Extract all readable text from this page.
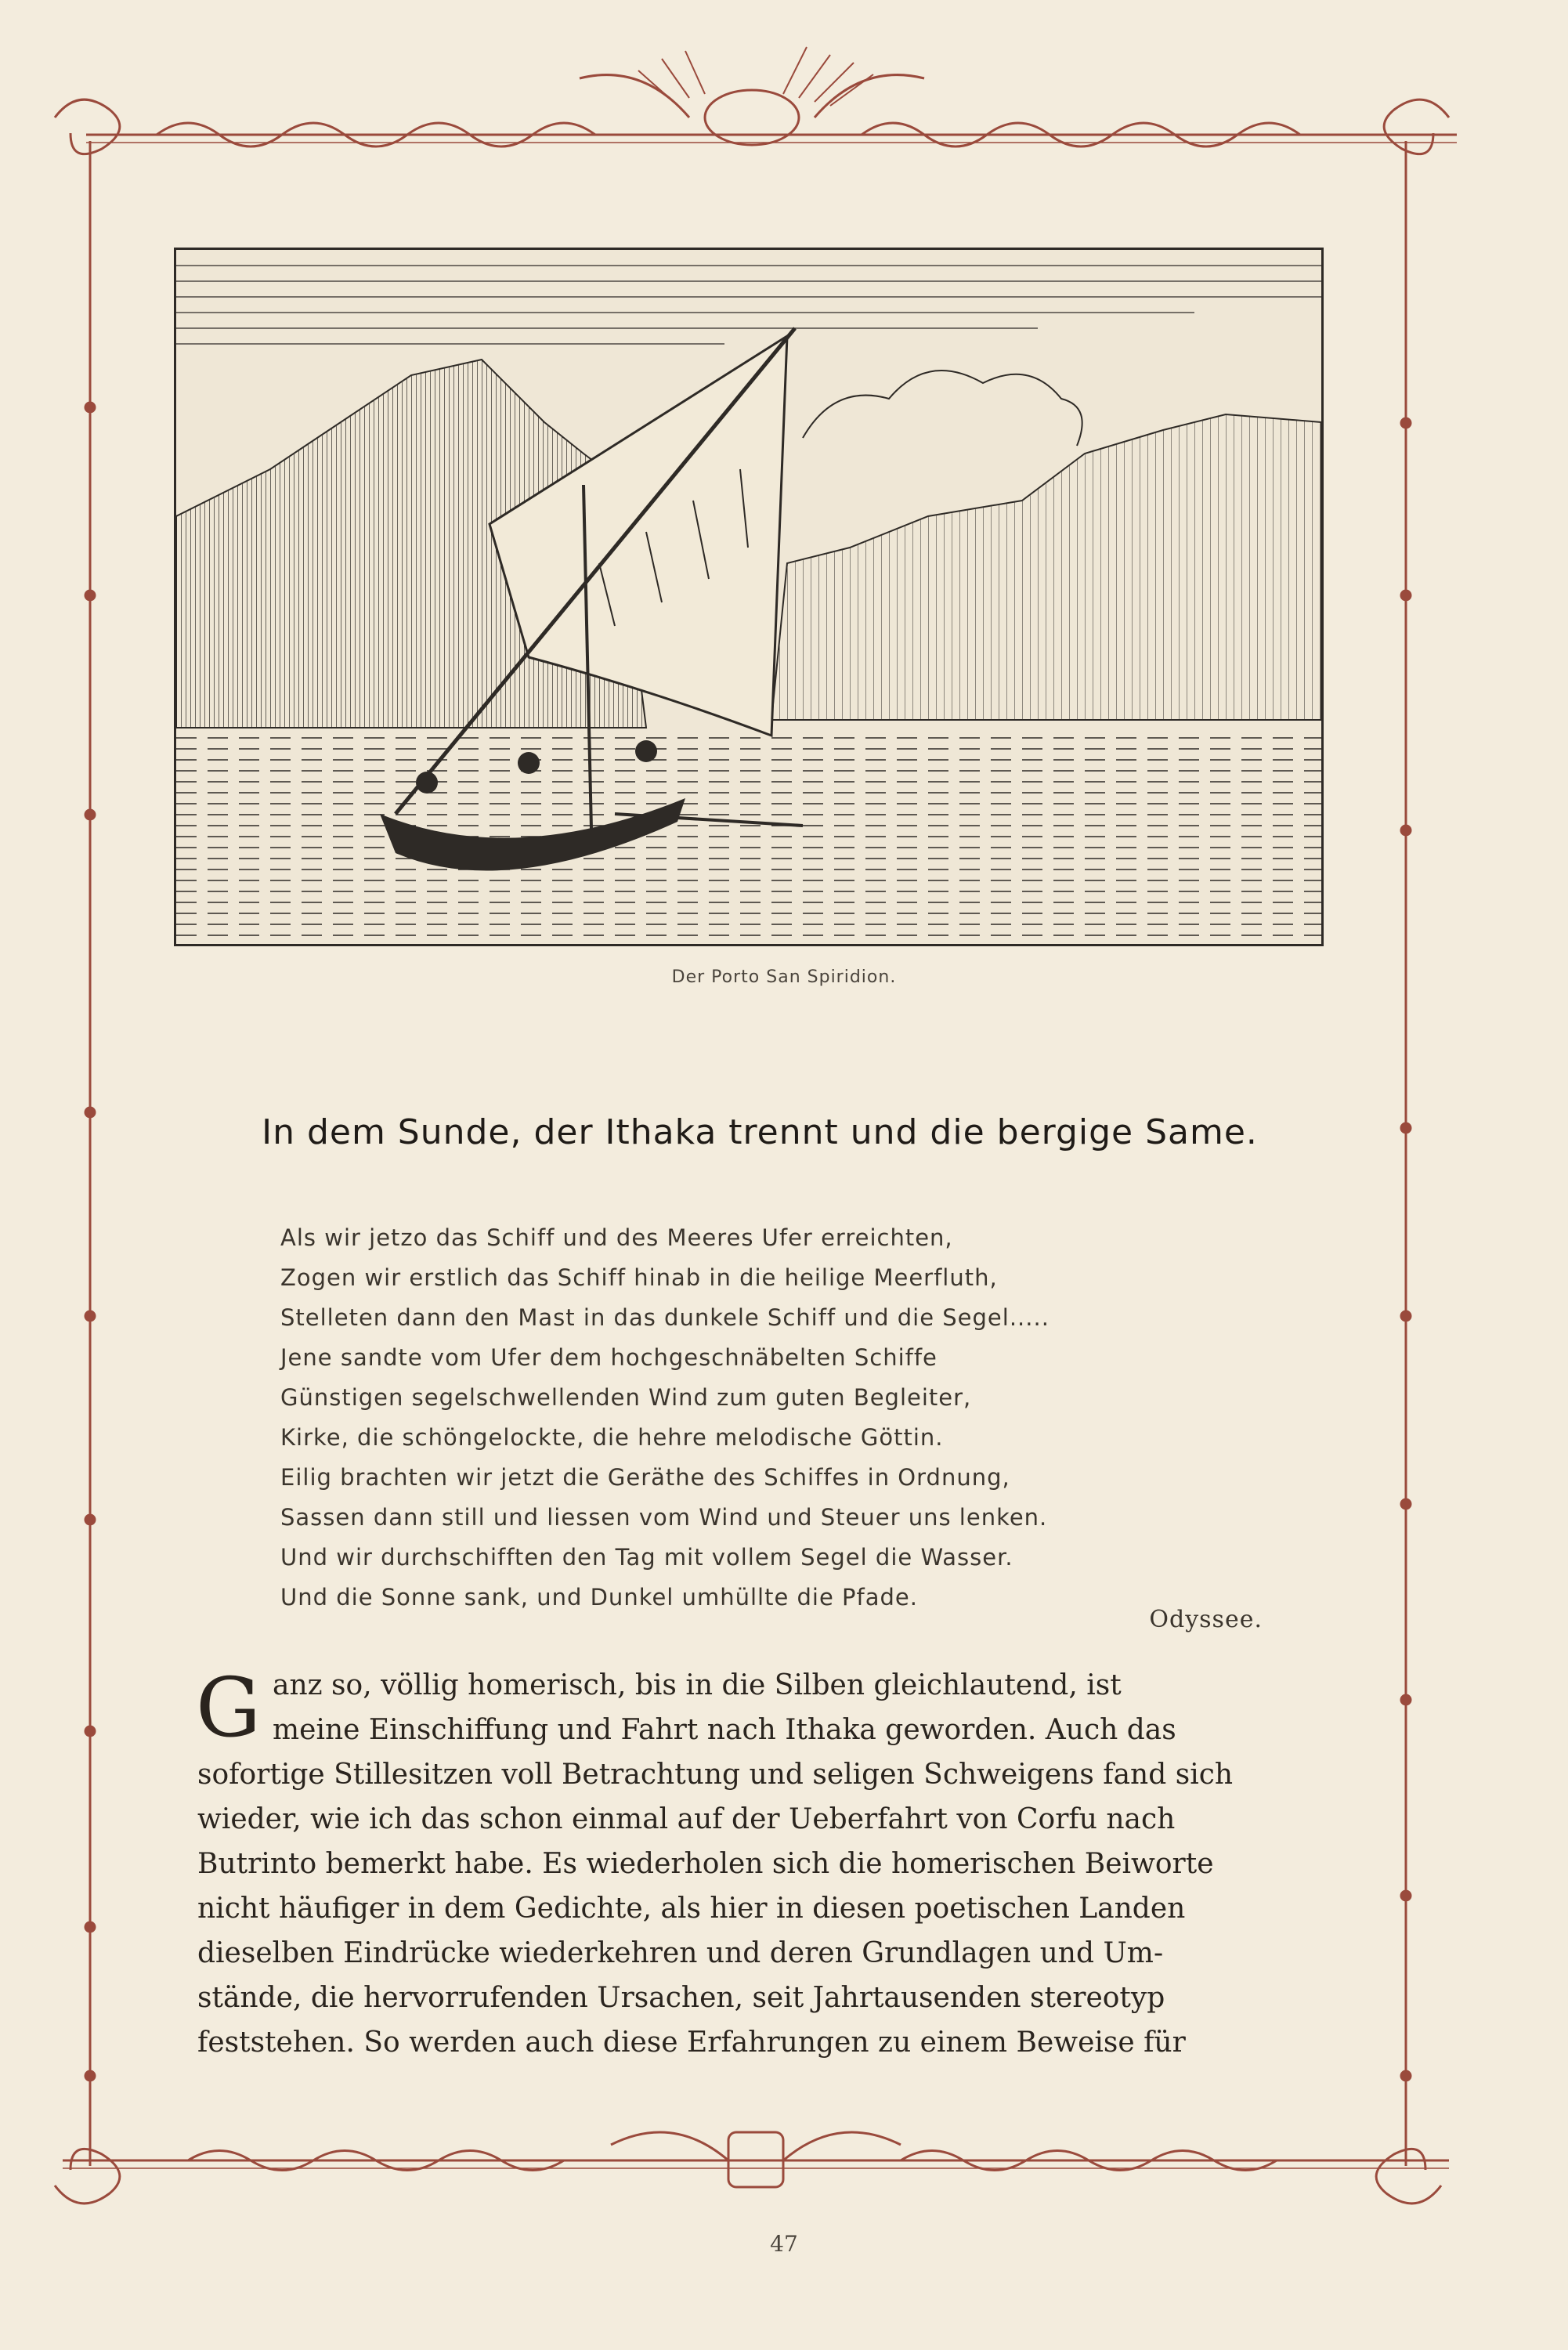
Der Porto San Spiridion.
In dem Sunde, der Ithaka trennt und die bergige Same.
Als wir jetzo das Schiff und des Meeres Ufer erreichten,
Zogen wir erstlich das Schiff hinab in die heilige Meerfluth,
Stelleten dann den Mast in das dunkele Schiff und die Segel.....
Jene sandte vom Ufer dem hochgeschnäbelten Schiffe
Günstigen segelschwellenden Wind zum guten Begleiter,
Kirke, die schöngelockte, die hehre melodische Göttin.
Eilig brachten wir jetzt die Geräthe des Schiffes in Ordnung,
Sassen dann still und liessen vom Wind und Steuer uns lenken.
Und wir durchschifften den Tag mit vollem Segel die Wasser.
Und die Sonne sank, und Dunkel umhüllte die Pfade.
Odyssee.
G anz so, völlig homerisch, bis in die Silben gleichlautend, ist
meine Einschiffung und Fahrt nach Ithaka geworden. Auch das
sofortige Stillesitzen voll Betrachtung und seligen Schweigens fand sich
wieder, wie ich das schon einmal auf der Ueberfahrt von Corfu nach
Butrinto bemerkt habe. Es wiederholen sich die homerischen Beiworte
nicht häufiger in dem Gedichte, als hier in diesen poetischen Landen
dieselben Eindrücke wiederkehren und deren Grundlagen und Um-
stände, die hervorrufenden Ursachen, seit Jahrtausenden stereotyp
feststehen. So werden auch diese Erfahrungen zu einem Beweise für
47
